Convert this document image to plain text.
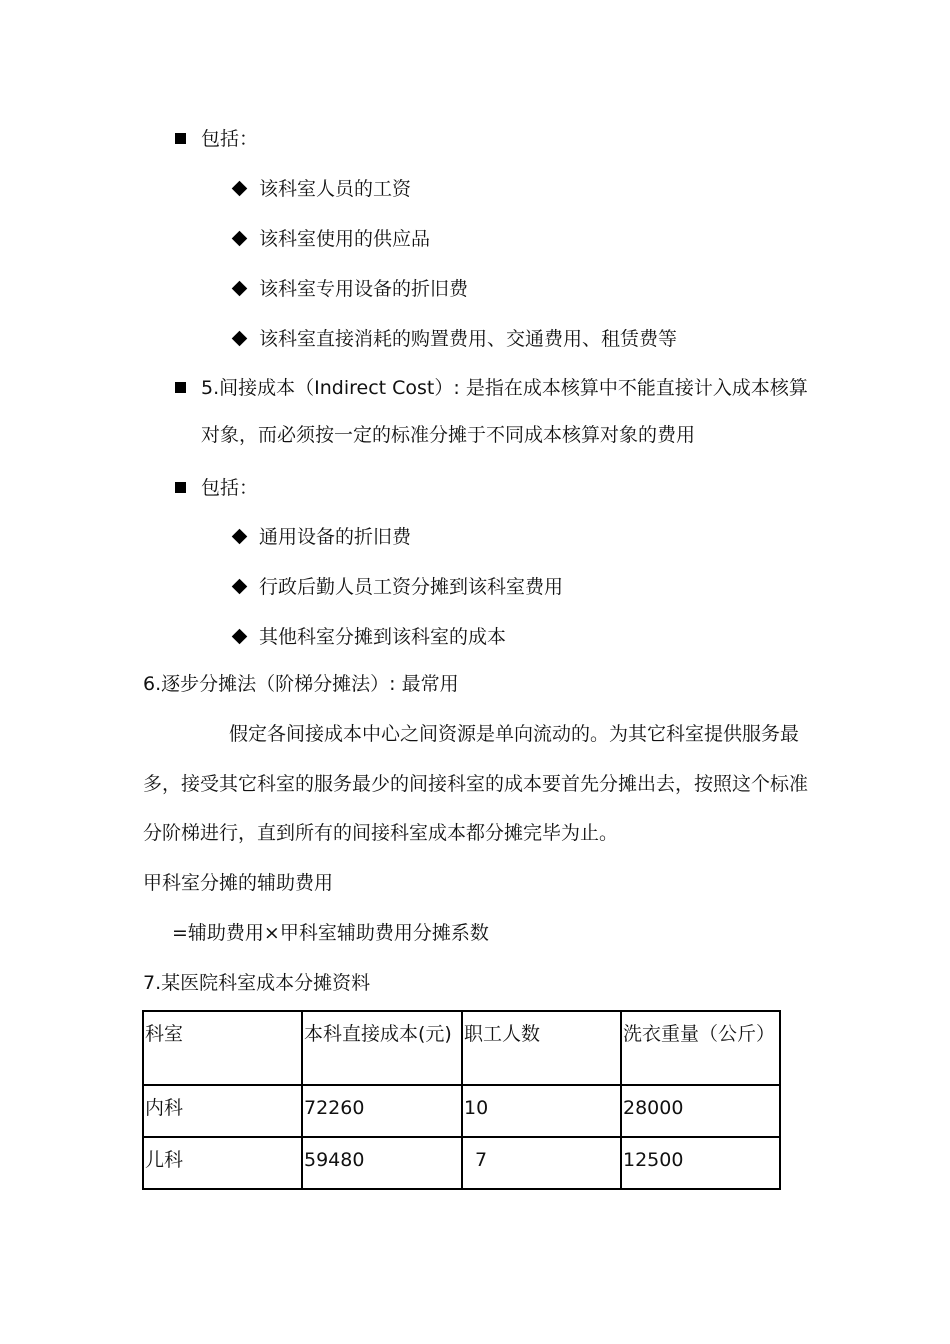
包括：
该科室人员的工资
该科室使用的供应品
该科室专用设备的折旧费
该科室直接消耗的购置费用、交通费用、租赁费等
5.间接成本（Indirect Cost）: 是指在成本核算中不能直接计入成本核算
对象，而必须按一定的标准分摊于不同成本核算对象的费用
包括：
通用设备的折旧费
行政后勤人员工资分摊到该科室费用
其他科室分摊到该科室的成本
6.逐步分摊法（阶梯分摊法）: 最常用
假定各间接成本中心之间资源是单向流动的。为其它科室提供服务最
多，接受其它科室的服务最少的间接科室的成本要首先分摊出去，按照这个标准
分阶梯进行，直到所有的间接科室成本都分摊完毕为止。
甲科室分摊的辅助费用
=辅助费用×甲科室辅助费用分摊系数
7.某医院科室成本分摊资料
科室	本科直接成本(元)	职工人数	洗衣重量（公斤）
内科	72260	10	28000
儿科	59480	7	12500
